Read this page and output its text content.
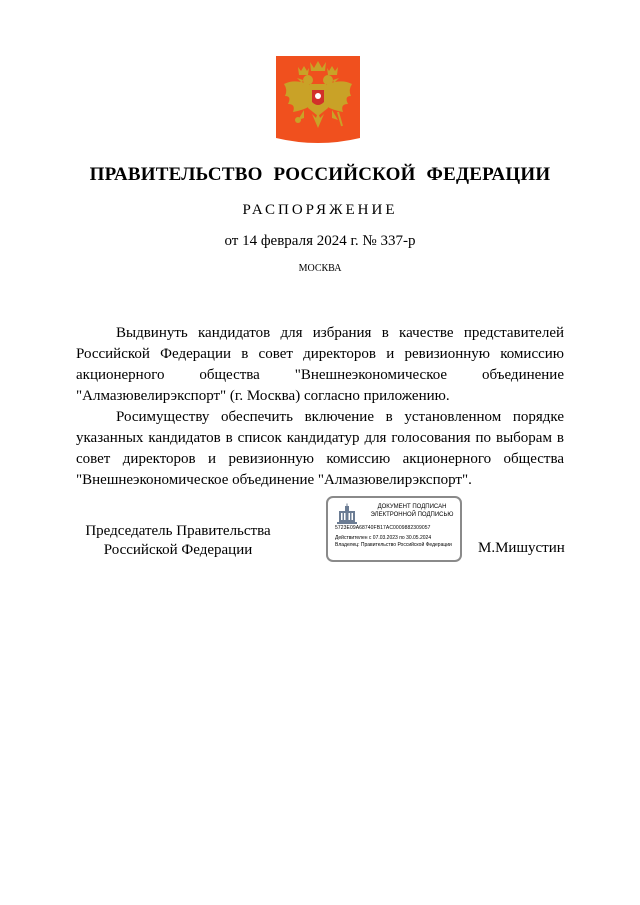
ПРАВИТЕЛЬСТВО РОССИЙСКОЙ ФЕДЕРАЦИИ
РАСПОРЯЖЕНИЕ
от 14 февраля 2024 г. № 337-р
МОСКВА

Выдвинуть кандидатов для избрания в качестве представителей Российской Федерации в совет директоров и ревизионную комиссию акционерного общества "Внешнеэкономическое объединение "Алмазювелирэкспорт" (г. Москва) согласно приложению.

Росимуществу обеспечить включение в установленном порядке указанных кандидатов в список кандидатур для голосования по выборам в совет директоров и ревизионную комиссию акционерного общества "Внешнеэкономическое объединение "Алмазювелирэкспорт".

Председатель Правительства
Российской Федерации
ДОКУМЕНТ ПОДПИСАН
ЭЛЕКТРОННОЙ ПОДПИСЬЮ
5723E09A68740FB17AC000988230905​7
Действителен с 07.03.2023 по 30.05.2024
Владелец: Правительство Российской Федерации М.Мишустин
